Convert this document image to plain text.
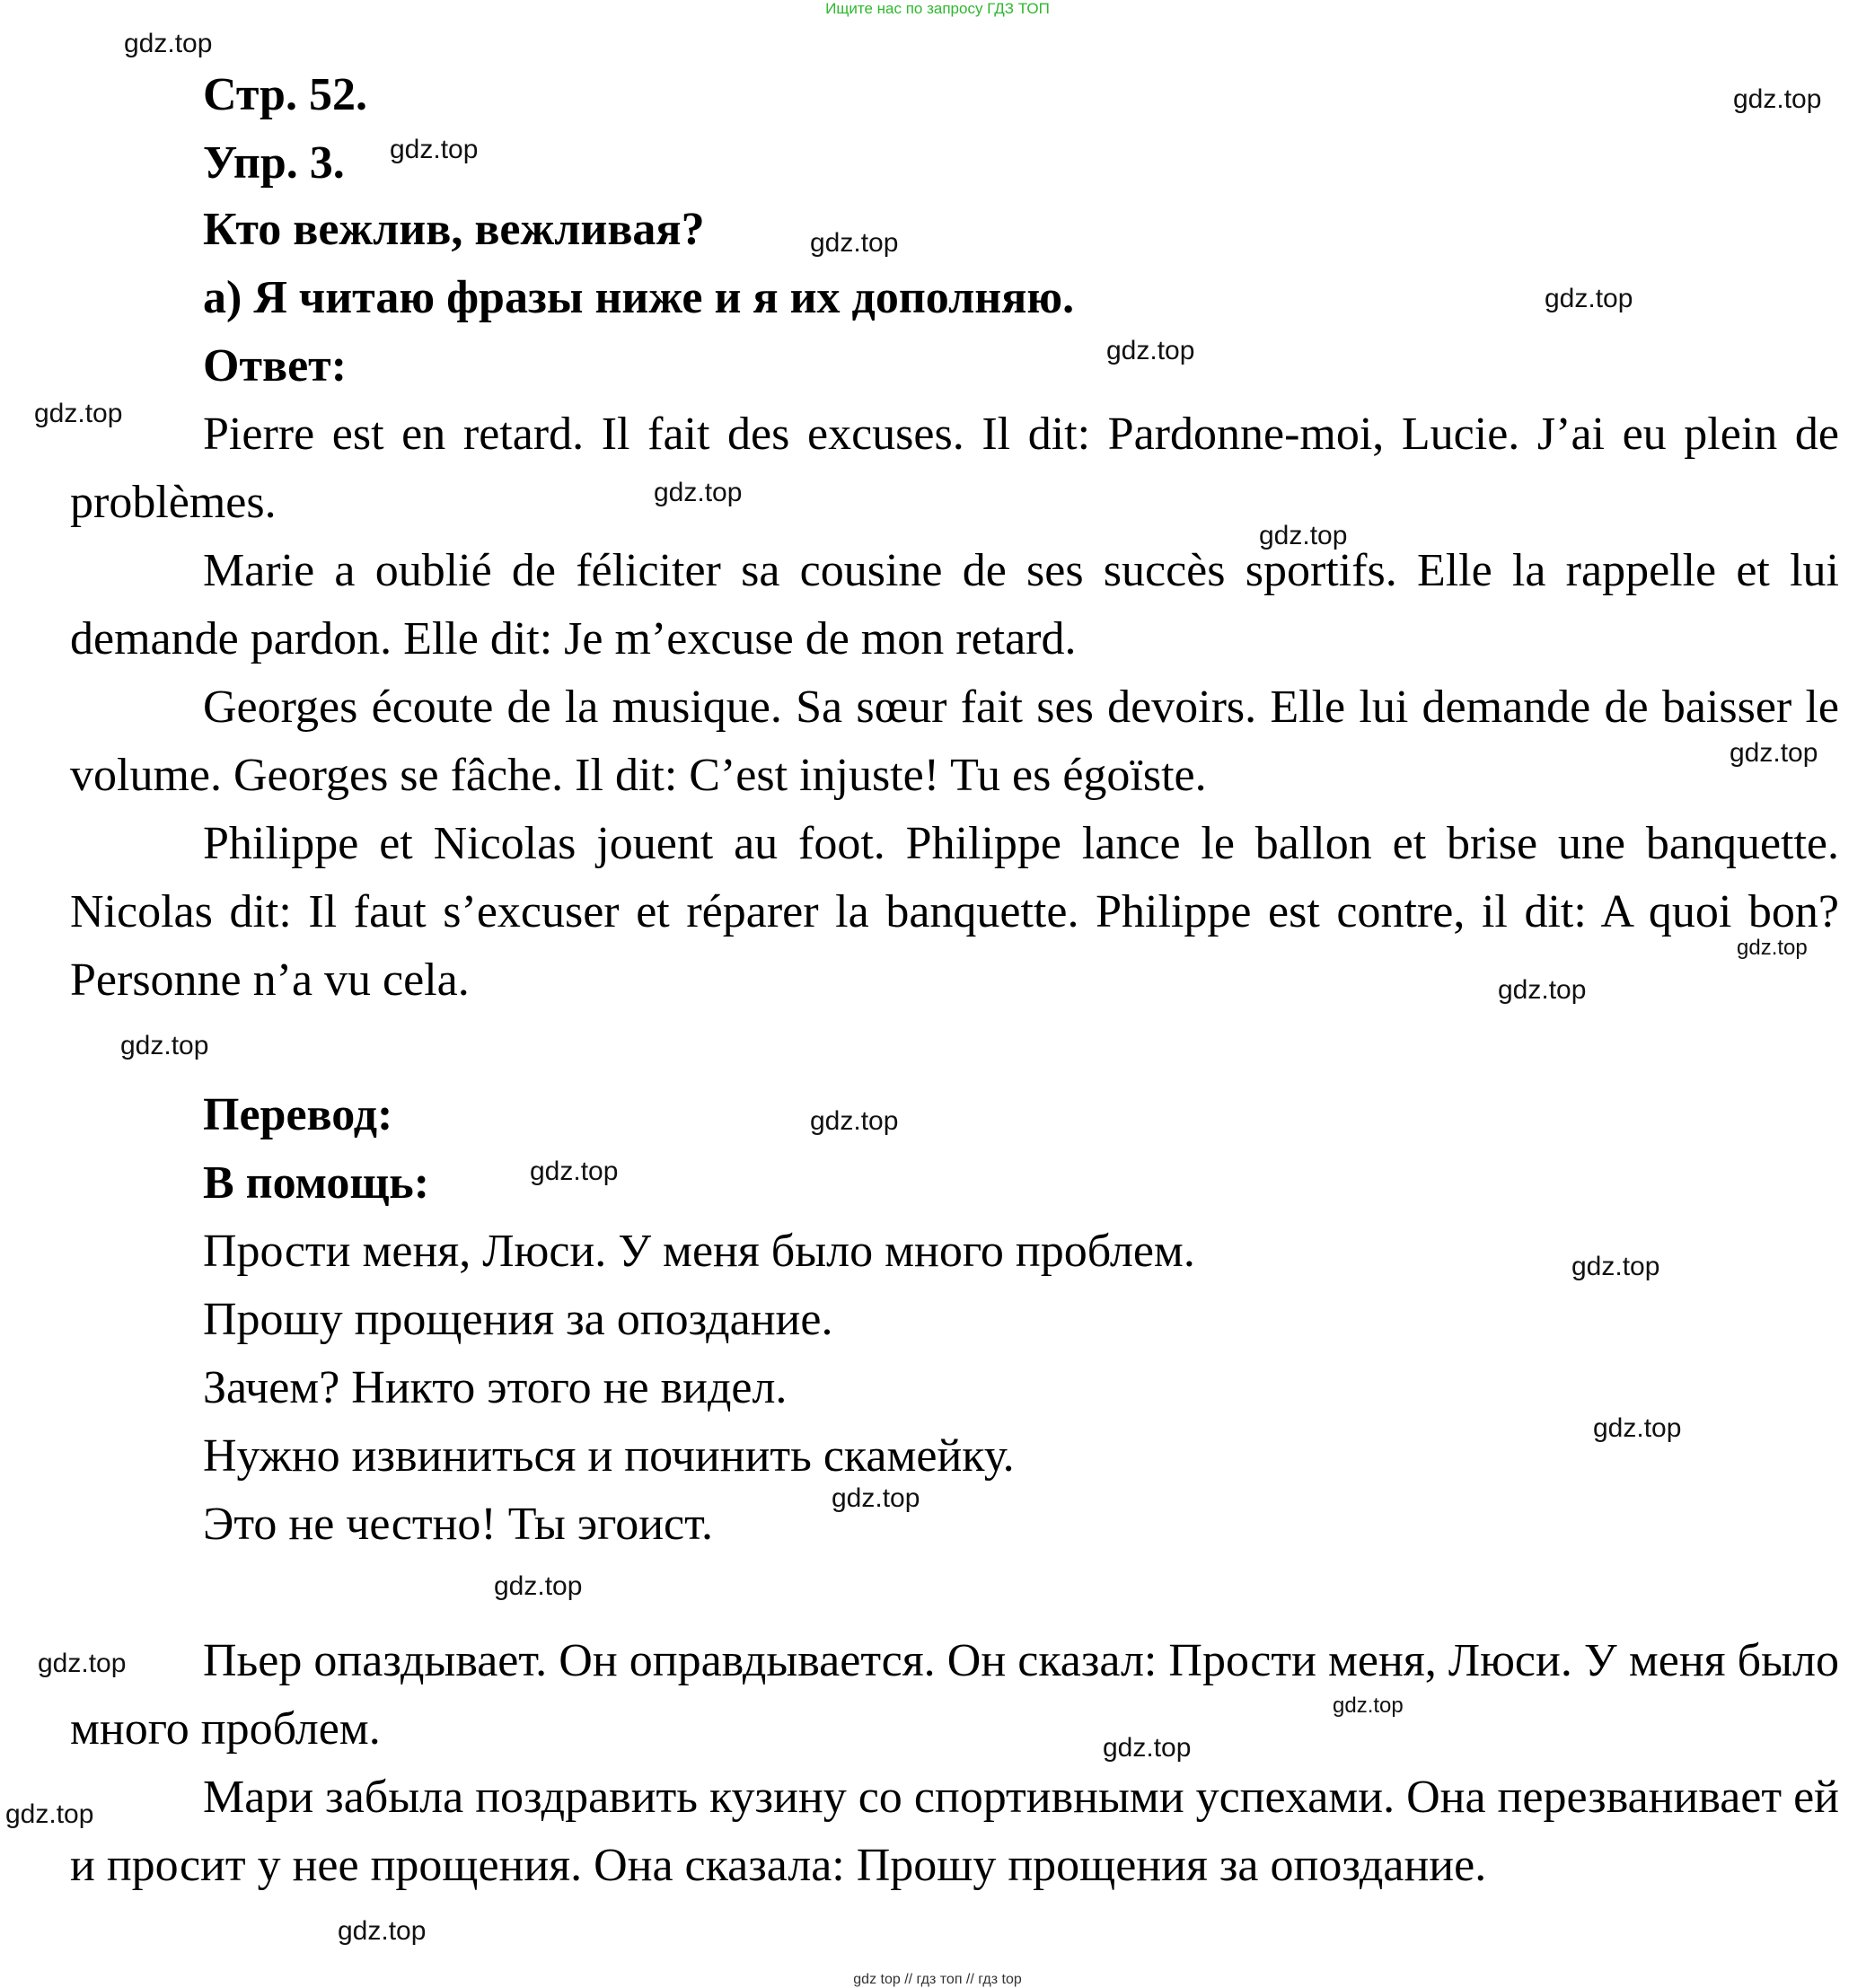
Ищите нас по запросу ГДЗ ТОП
Стр. 52.
Упр. 3.
Кто вежлив, вежливая?
a) Я читаю фразы ниже и я их дополняю.
Ответ:

Pierre est en retard. Il fait des excuses. Il dit: Pardonne-moi, Lucie. J’ai eu plein de problèmes.

Marie a oublié de féliciter sa cousine de ses succès sportifs. Elle la rappelle et lui demande pardon. Elle dit: Je m’excuse de mon retard.

Georges écoute de la musique. Sa sœur fait ses devoirs. Elle lui demande de baisser le volume. Georges se fâche. Il dit: C’est injuste! Tu es égoïste.

Philippe et Nicolas jouent au foot. Philippe lance le ballon et brise une banquette. Nicolas dit: Il faut s’excuser et réparer la banquette. Philippe est contre, il dit: A quoi bon? Personne n’a vu cela.

Перевод:
В помощь:
Прости меня, Люси. У меня было много проблем.
Прошу прощения за опоздание.
Зачем? Никто этого не видел.
Нужно извиниться и починить скамейку.
Это не честно! Ты эгоист.

Пьер опаздывает. Он оправдывается. Он сказал: Прости меня, Люси. У меня было много проблем.

Мари забыла поздравить кузину со спортивными успехами. Она перезванивает ей и просит у нее прощения. Она сказала: Прошу прощения за опоздание.

gdz.top
gdz.top
gdz.top
gdz.top
gdz.top
gdz.top
gdz.top
gdz.top
gdz.top
gdz.top
gdz.top
gdz.top
gdz.top
gdz.top
gdz.top
gdz.top
gdz.top
gdz.top
gdz.top
gdz.top
gdz.top
gdz.top
gdz.top
gdz.top
gdz top // гдз топ // гдз top
